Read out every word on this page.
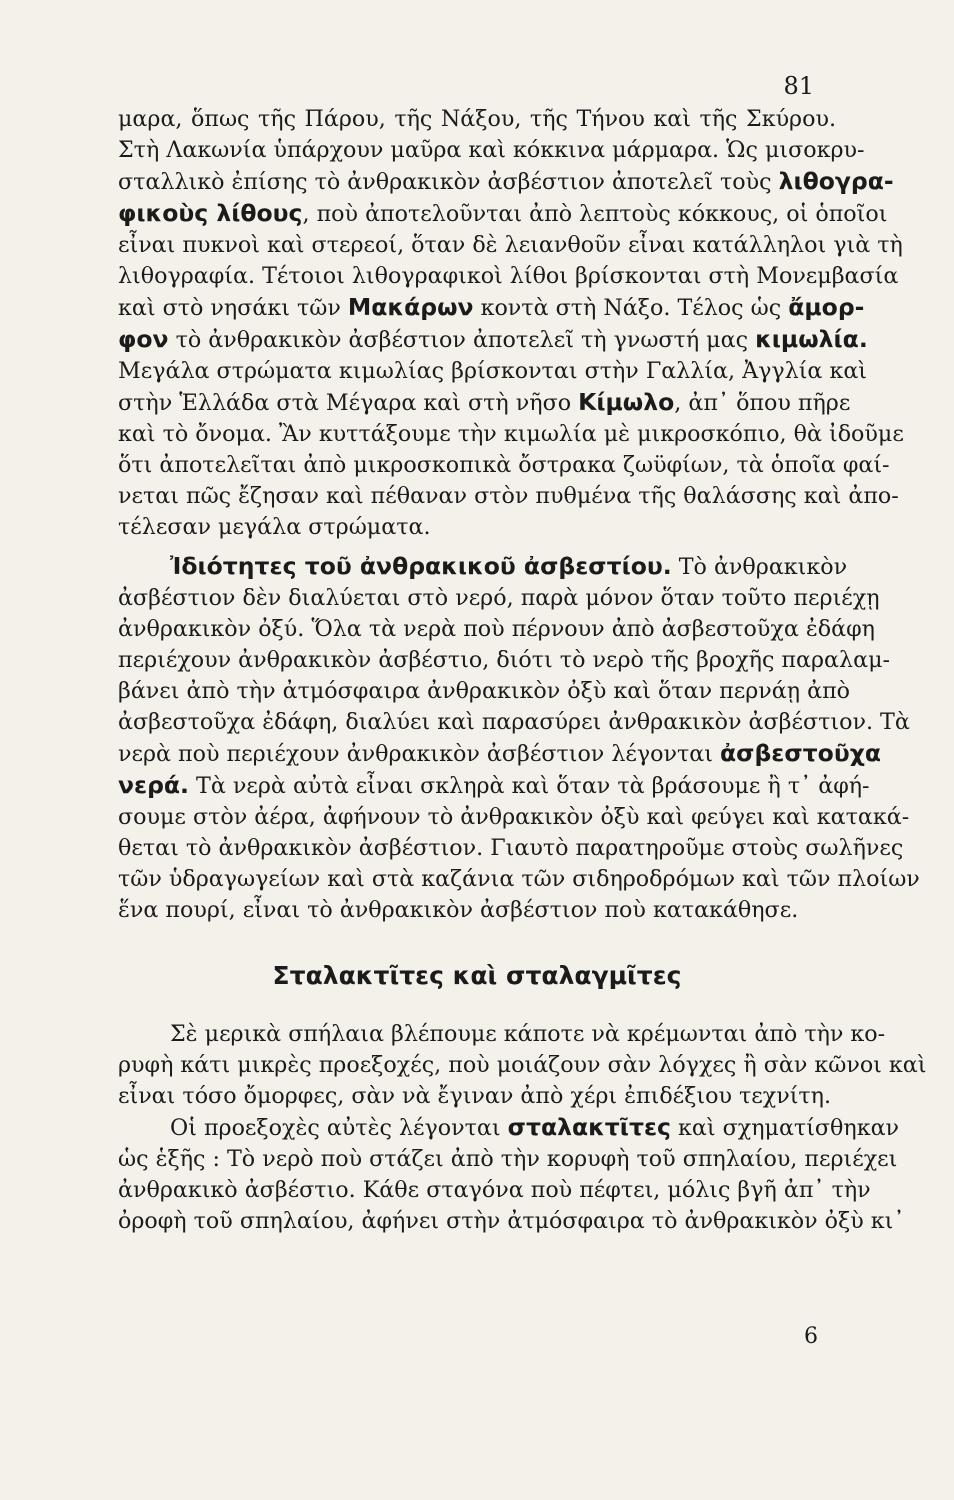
81

μαρα, ὅπως τῆς Πάρου, τῆς Νάξου, τῆς Τήνου καὶ τῆς Σκύρου.
Στὴ Λακωνία ὑπάρχουν μαῦρα καὶ κόκκινα μάρμαρα. Ὡς μισοκρυ-
σταλλικὸ ἐπίσης τὸ ἀνθρακικὸν ἀσβέστιον ἀποτελεῖ τοὺς λιθογρα-
φικοὺς λίθους, ποὺ ἀποτελοῦνται ἀπὸ λεπτοὺς κόκκους, οἱ ὁποῖοι
εἶναι πυκνοὶ καὶ στερεοί, ὅταν δὲ λειανθοῦν εἶναι κατάλληλοι γιὰ τὴ
λιθογραφία. Τέτοιοι λιθογραφικοὶ λίθοι βρίσκονται στὴ Μονεμβασία
καὶ στὸ νησάκι τῶν Μακάρων κοντὰ στὴ Νάξο. Τέλος ὡς ἄμορ-
φον τὸ ἀνθρακικὸν ἀσβέστιον ἀποτελεῖ τὴ γνωστή μας κιμωλία.
Μεγάλα στρώματα κιμωλίας βρίσκονται στὴν Γαλλία, Ἀγγλία καὶ
στὴν Ἑλλάδα στὰ Μέγαρα καὶ στὴ νῆσο Κίμωλο, ἀπ᾿ ὅπου πῆρε
καὶ τὸ ὄνομα. Ἂν κυττάξουμε τὴν κιμωλία μὲ μικροσκόπιο, θὰ ἰδοῦμε
ὅτι ἀποτελεῖται ἀπὸ μικροσκοπικὰ ὄστρακα ζωϋφίων, τὰ ὁποῖα φαί-
νεται πῶς ἔζησαν καὶ πέθαναν στὸν πυθμένα τῆς θαλάσσης καὶ ἀπο-
τέλεσαν μεγάλα στρώματα.

Ἰδιότητες τοῦ ἀνθρακικοῦ ἀσβεστίου. Τὸ ἀνθρακικὸν
ἀσβέστιον δὲν διαλύεται στὸ νερό, παρὰ μόνον ὅταν τοῦτο περιέχῃ
ἀνθρακικὸν ὀξύ. Ὅλα τὰ νερὰ ποὺ πέρνουν ἀπὸ ἀσβεστοῦχα ἐδάφη
περιέχουν ἀνθρακικὸν ἀσβέστιο, διότι τὸ νερὸ τῆς βροχῆς παραλαμ-
βάνει ἀπὸ τὴν ἀτμόσφαιρα ἀνθρακικὸν ὀξὺ καὶ ὅταν περνάῃ ἀπὸ
ἀσβεστοῦχα ἐδάφη, διαλύει καὶ παρασύρει ἀνθρακικὸν ἀσβέστιον. Τὰ
νερὰ ποὺ περιέχουν ἀνθρακικὸν ἀσβέστιον λέγονται ἀσβεστοῦχα
νερά. Τὰ νερὰ αὐτὰ εἶναι σκληρὰ καὶ ὅταν τὰ βράσουμε ἢ τ᾿ ἀφή-
σουμε στὸν ἀέρα, ἀφήνουν τὸ ἀνθρακικὸν ὀξὺ καὶ φεύγει καὶ κατακά-
θεται τὸ ἀνθρακικὸν ἀσβέστιον. Γιαυτὸ παρατηροῦμε στοὺς σωλῆνες
τῶν ὑδραγωγείων καὶ στὰ καζάνια τῶν σιδηροδρόμων καὶ τῶν πλοίων
ἕνα πουρί, εἶναι τὸ ἀνθρακικὸν ἀσβέστιον ποὺ κατακάθησε.

Σταλακτῖτες καὶ σταλαγμῖτες

Σὲ μερικὰ σπήλαια βλέπουμε κάποτε νὰ κρέμωνται ἀπὸ τὴν κο-
ρυφὴ κάτι μικρὲς προεξοχές, ποὺ μοιάζουν σὰν λόγχες ἢ σὰν κῶνοι καὶ
εἶναι τόσο ὄμορφες, σὰν νὰ ἔγιναν ἀπὸ χέρι ἐπιδέξιου τεχνίτη.

Οἱ προεξοχὲς αὐτὲς λέγονται σταλακτῖτες καὶ σχηματίσθηκαν
ὡς ἑξῆς : Τὸ νερὸ ποὺ στάζει ἀπὸ τὴν κορυφὴ τοῦ σπηλαίου, περιέχει
ἀνθρακικὸ ἀσβέστιο. Κάθε σταγόνα ποὺ πέφτει, μόλις βγῆ ἀπ᾿ τὴν
ὀροφὴ τοῦ σπηλαίου, ἀφήνει στὴν ἀτμόσφαιρα τὸ ἀνθρακικὸν ὀξὺ κι᾿

6
